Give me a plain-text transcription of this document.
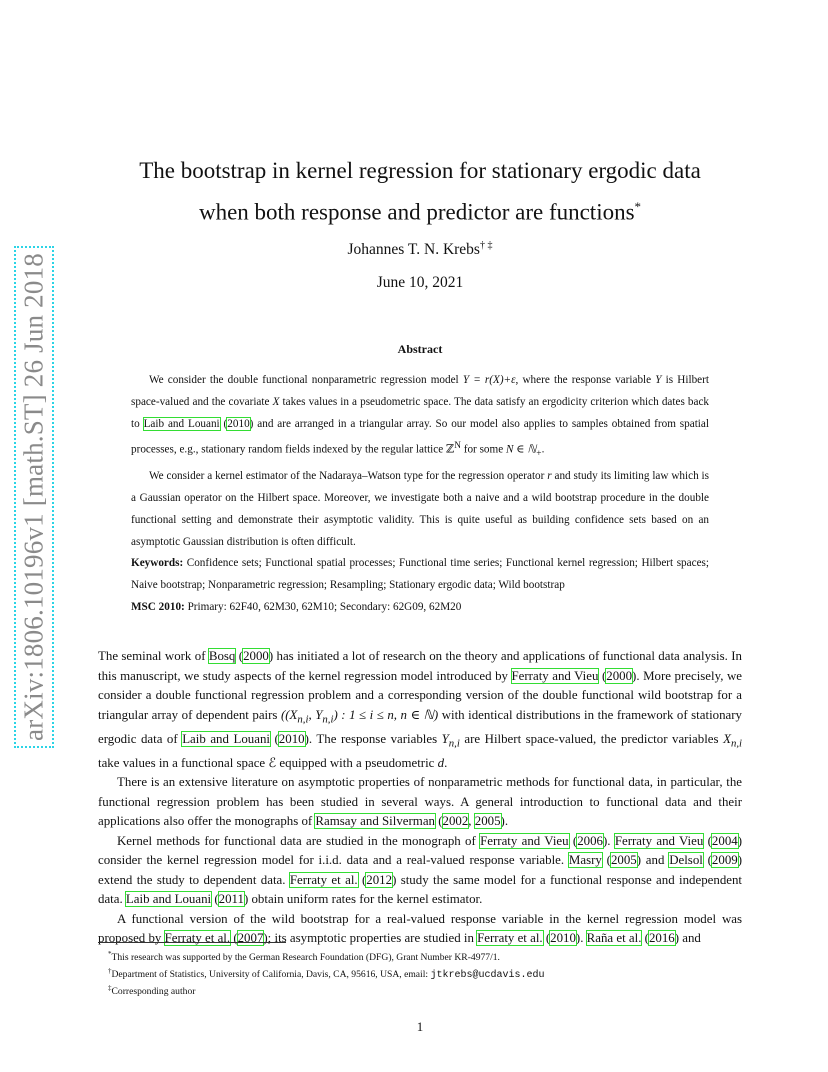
arXiv:1806.10196v1 [math.ST] 26 Jun 2018
The bootstrap in kernel regression for stationary ergodic data
when both response and predictor are functions*
Johannes T. N. Krebs† ‡
June 10, 2021
Abstract

We consider the double functional nonparametric regression model Y = r(X)+ε, where the response variable Y is Hilbert space-valued and the covariate X takes values in a pseudometric space. The data satisfy an ergodicity criterion which dates back to Laib and Louani (2010) and are arranged in a triangular array. So our model also applies to samples obtained from spatial processes, e.g., stationary random fields indexed by the regular lattice ℤ$^N$ for some N ∈ ℕ$_+$.

We consider a kernel estimator of the Nadaraya–Watson type for the regression operator r and study its limiting law which is a Gaussian operator on the Hilbert space. Moreover, we investigate both a naive and a wild bootstrap procedure in the double functional setting and demonstrate their asymptotic validity. This is quite useful as building confidence sets based on an asymptotic Gaussian distribution is often difficult.

Keywords: Confidence sets; Functional spatial processes; Functional time series; Functional kernel regression; Hilbert spaces; Naive bootstrap; Nonparametric regression; Resampling; Stationary ergodic data; Wild bootstrap

MSC 2010: Primary: 62F40, 62M30, 62M10; Secondary: 62G09, 62M20

The seminal work of Bosq (2000) has initiated a lot of research on the theory and applications of functional data analysis. In this manuscript, we study aspects of the kernel regression model introduced by Ferraty and Vieu (2000). More precisely, we consider a double functional regression problem and a corresponding version of the double functional wild bootstrap for a triangular array of dependent pairs (($X_{n,i}$, $Y_{n,i}$) : 1 ≤ i ≤ n, n ∈ ℕ) with identical distributions in the framework of stationary ergodic data of Laib and Louani (2010). The response variables $Y_{n,i}$ are Hilbert space-valued, the predictor variables $X_{n,i}$ take values in a functional space ℰ equipped with a pseudometric d.

There is an extensive literature on asymptotic properties of nonparametric methods for functional data, in particular, the functional regression problem has been studied in several ways. A general introduction to functional data and their applications also offer the monographs of Ramsay and Silverman (2002, 2005).

Kernel methods for functional data are studied in the monograph of Ferraty and Vieu (2006). Ferraty and Vieu (2004) consider the kernel regression model for i.i.d. data and a real-valued response variable. Masry (2005) and Delsol (2009) extend the study to dependent data. Ferraty et al. (2012) study the same model for a functional response and independent data. Laib and Louani (2011) obtain uniform rates for the kernel estimator.

A functional version of the wild bootstrap for a real-valued response variable in the kernel regression model was proposed by Ferraty et al. (2007); its asymptotic properties are studied in Ferraty et al. (2010). Raña et al. (2016) and

*This research was supported by the German Research Foundation (DFG), Grant Number KR-4977/1.
†Department of Statistics, University of California, Davis, CA, 95616, USA, email: jtkrebs@ucdavis.edu
‡Corresponding author
1
